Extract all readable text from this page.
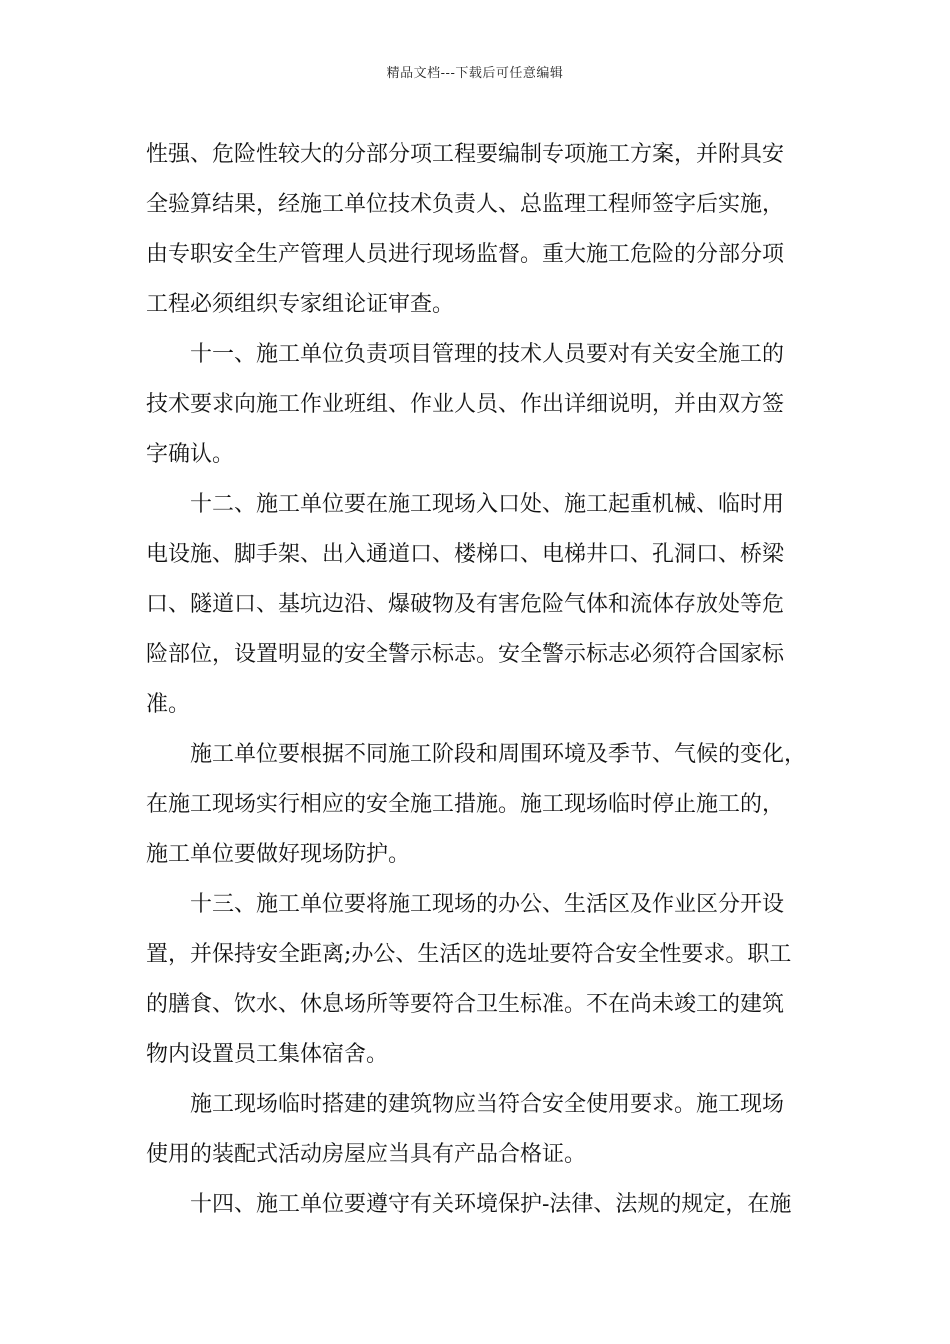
精品文档---下载后可任意编辑
性强、危险性较大的分部分项工程要编制专项施工方案，并附具安
全验算结果，经施工单位技术负责人、总监理工程师签字后实施，
由专职安全生产管理人员进行现场监督。重大施工危险的分部分项
工程必须组织专家组论证审查。
十一、施工单位负责项目管理的技术人员要对有关安全施工的
技术要求向施工作业班组、作业人员、作出详细说明，并由双方签
字确认。
十二、施工单位要在施工现场入口处、施工起重机械、临时用
电设施、脚手架、出入通道口、楼梯口、电梯井口、孔洞口、桥梁
口、隧道口、基坑边沿、爆破物及有害危险气体和流体存放处等危
险部位，设置明显的安全警示标志。安全警示标志必须符合国家标
准。
施工单位要根据不同施工阶段和周围环境及季节、气候的变化，
在施工现场实行相应的安全施工措施。施工现场临时停止施工的，
施工单位要做好现场防护。
十三、施工单位要将施工现场的办公、生活区及作业区分开设
置，并保持安全距离;办公、生活区的选址要符合安全性要求。职工
的膳食、饮水、休息场所等要符合卫生标准。不在尚未竣工的建筑
物内设置员工集体宿舍。
施工现场临时搭建的建筑物应当符合安全使用要求。施工现场
使用的装配式活动房屋应当具有产品合格证。
十四、施工单位要遵守有关环境保护-法律、法规的规定，在施
